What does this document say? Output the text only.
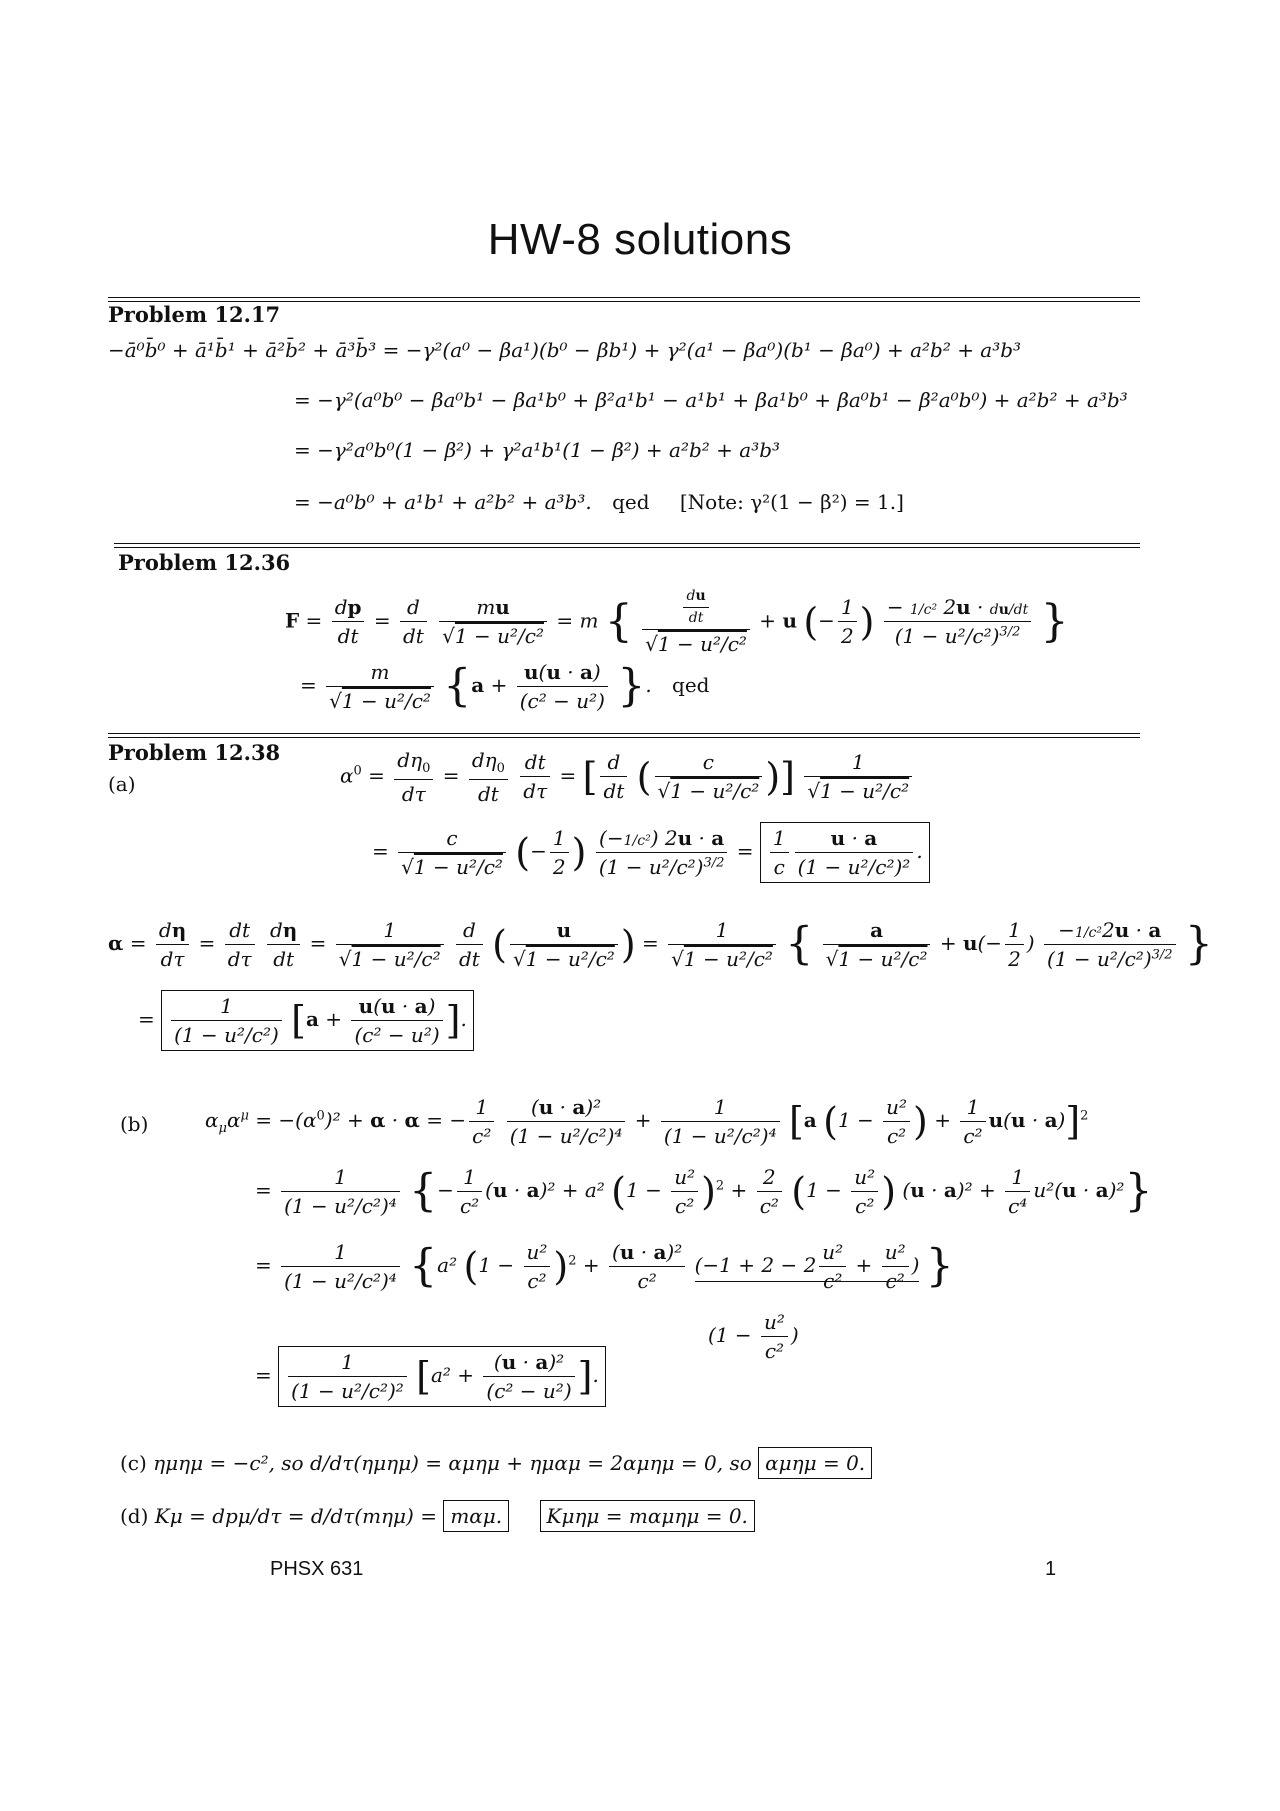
HW-8 solutions
Problem 12.17
−ā⁰b̄⁰ + ā¹b̄¹ + ā²b̄² + ā³b̄³ = −γ²(a⁰ − βa¹)(b⁰ − βb¹) + γ²(a¹ − βa⁰)(b¹ − βa⁰) + a²b² + a³b³
= −γ²(a⁰b⁰ − βa⁰b¹ − βa¹b⁰ + β²a¹b¹ − a¹b¹ + βa¹b⁰ + βa⁰b¹ − β²a⁰b⁰) + a²b² + a³b³
= −γ²a⁰b⁰(1 − β²) + γ²a¹b¹(1 − β²) + a²b² + a³b³
= −a⁰b⁰ + a¹b¹ + a²b² + a³b³. qed [Note: γ²(1 − β²) = 1.]
Problem 12.36
$F = \frac{dp}{dt} = \frac{d}{dt}$
$\frac{mu}{\text{√1 − u²/c²}} = m$ { $\frac{\frac{du}{dt}}{\text{√1 − u²/c²}} + u$ (− $\frac{1}{2}$ ) $\frac{\text{− 1/c² 2u · du/dt}}{(1 - u^2/c^2)^{3/2}}$ }
= $\frac{m}{\text{√1 − u²/c²}} \{a + \frac{u(u \cdot a)}{\text{(c² − u²)}}$ }. qed
Problem 12.38
(a)	$\alpha^0 = \frac{d\eta_0}{d\tau} = \frac{d\eta_0}{dt}$
$\frac{dt}{d\tau}$ = [ $\frac{d}{dt}$ ( $\frac{c}{\text{√1 − u²/c²}}$ )] $\frac{1}{\text{√1 − u²/c²}}$
= $\frac{c}{\text{√1 − u²/c²}}$ (− $\frac{1}{2}$ ) $\frac{\text{(−1/c²) 2u · a}}{(1 - u^2/c^2)^{3/2}} = \frac{1}{c} \frac{u \cdot a}{\text{(1 − u²/c²)²}}$ .
$\alpha = \frac{d\eta}{d\tau} = \frac{dt}{d\tau}$
$\frac{d\eta}{dt} = \frac{1}{\text{√1 − u²/c²}}$
$\frac{d}{dt}$ ( $\frac{u}{\text{√1 − u²/c²}}$ ) = $\frac{1}{\text{√1 − u²/c²}}$ { $\frac{a}{\text{√1 − u²/c²}} + u(- \frac{1}{2}$ ) $\frac{\text{−1/c²2u · a}}{(1 - u^2/c^2)^{3/2}}$ }
= $\frac{1}{\text{(1 − u²/c²)}} [a + \frac{u(u \cdot a)}{\text{(c² − u²)}}$ ].
(b)	$\alpha_\mu\alpha^\mu = -(\alpha^0)^2 + \alpha \cdot \alpha$ = − $\frac{1}{\text{c²}}$
$\frac{\text{(u · a)²}}{\text{(1 − u²/c²)⁴}} + \frac{1}{\text{(1 − u²/c²)⁴}} [a$ ($1 - \frac{\text{u²}}{\text{c²}}$ ) + $\frac{1}{\text{c²}} u(u \cdot a)]^2$
= $\frac{1}{\text{(1 − u²/c²)⁴}}$ {− $\frac{1}{\text{c²}} (u \cdot a)^2 + a^2$ $(1 - \frac{\text{u²}}{\text{c²}} )^2 + \frac{2}{\text{c²}} (1 - \frac{\text{u²}}{\text{c²}}$ ) $(u \cdot a)^2 + \frac{1}{\text{c⁴}} u^2(u \cdot a)^2$}
= $\frac{1}{\text{(1 − u²/c²)⁴}} \{a^2$ $(1 - \frac{\text{u²}}{\text{c²}} )^2 + \frac{\text{(u · a)²}}{\text{c²}} (-1 + 2 - 2 \frac{\text{u²}}{\text{c²}} + \frac{\text{u²}}{\text{c²}}$ ) }
($1 - \frac{\text{u²}}{\text{c²}}$ )
= $\frac{1}{\text{(1 − u²/c²)²}} [a^2 + \frac{\text{(u · a)²}}{\text{(c² − u²)}}$ ].
(c) ημημ = −c², so d/dτ(ημημ) = αμημ + ημαμ = 2αμημ = 0, so αμημ = 0.
(d) Kμ = dpμ/dτ = d/dτ(mημ) = mαμ. Kμημ = mαμημ = 0.
PHSX 631	1
